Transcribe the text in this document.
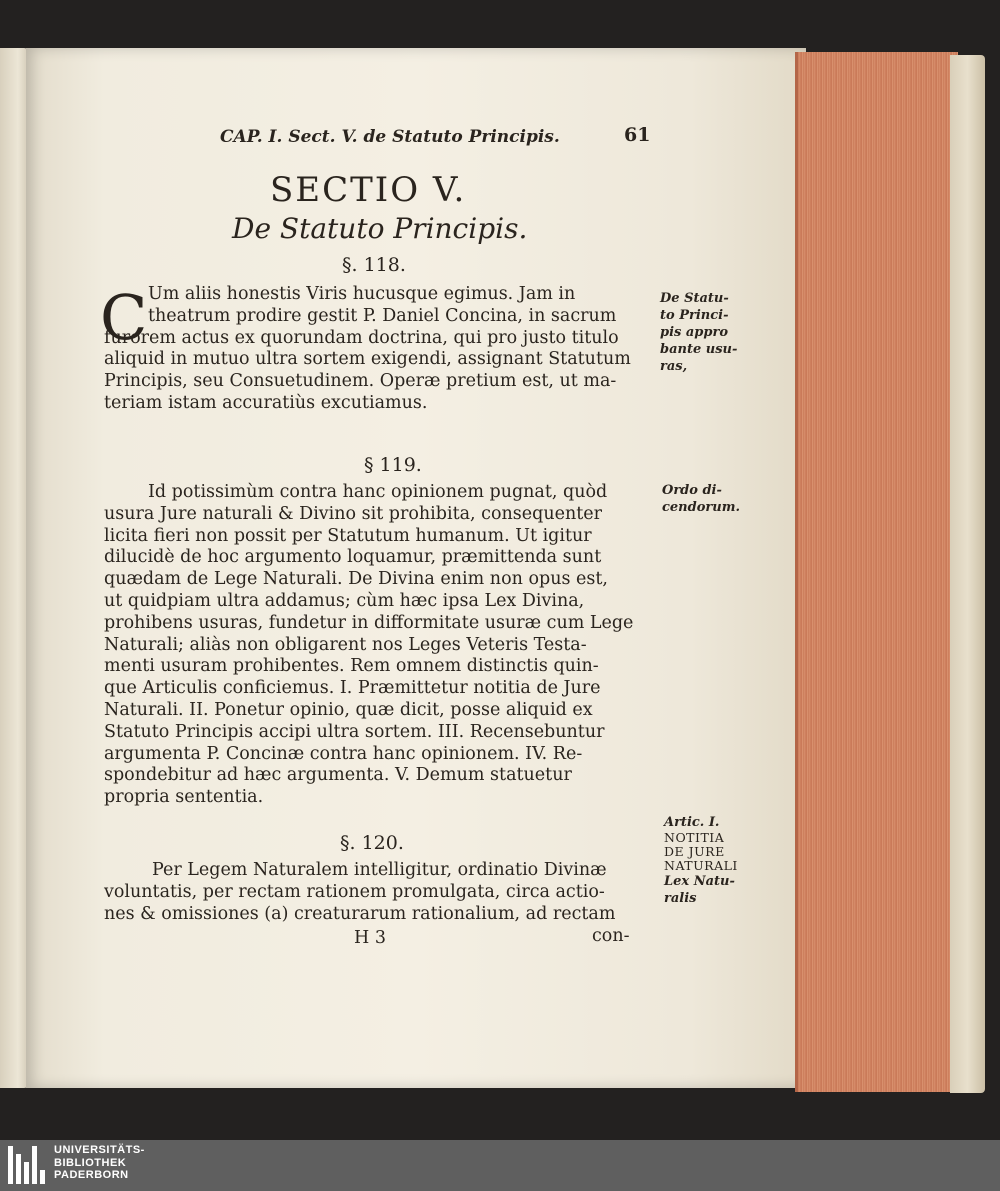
CAP. I. Sect. V. de Statuto Principis.	61
SECTIO V.
De Statuto Principis.
§. 118.
C Um aliis honestis Viris hucusque egimus. Jam in
theatrum prodire gestit P. Daniel Concina, in sacrum
furorem actus ex quorundam doctrina, qui pro justo titulo
aliquid in mutuo ultra sortem exigendi, assignant Statutum
Principis, seu Consuetudinem. Operæ pretium est, ut ma-
teriam istam accuratiùs excutiamus.
De Statu-
to Princi-
pis appro
bante usu-
ras,
§ 119.
Id potissimùm contra hanc opinionem pugnat, quòd
usura Jure naturali & Divino sit prohibita, consequenter
licita fieri non possit per Statutum humanum. Ut igitur
dilucidè de hoc argumento loquamur, præmittenda sunt
quædam de Lege Naturali. De Divina enim non opus est,
ut quidpiam ultra addamus; cùm hæc ipsa Lex Divina,
prohibens usuras, fundetur in difformitate usuræ cum Lege
Naturali; aliàs non obligarent nos Leges Veteris Testa-
menti usuram prohibentes. Rem omnem distinctis quin-
que Articulis conficiemus. I. Præmittetur notitia de Jure
Naturali. II. Ponetur opinio, quæ dicit, posse aliquid ex
Statuto Principis accipi ultra sortem. III. Recensebuntur
argumenta P. Concinæ contra hanc opinionem. IV. Re-
spondebitur ad hæc argumenta. V. Demum statuetur
propria sententia.
Ordo di-
cendorum.
§. 120.
Per Legem Naturalem intelligitur, ordinatio Divinæ
voluntatis, per rectam rationem promulgata, circa actio-
nes & omissiones (a) creaturarum rationalium, ad rectam
Artic. I.
NOTITIA
DE JURE
NATURALI
Lex Natu-
ralis
H 3	con-
UNIVERSITÄTS-
BIBLIOTHEK
PADERBORN
